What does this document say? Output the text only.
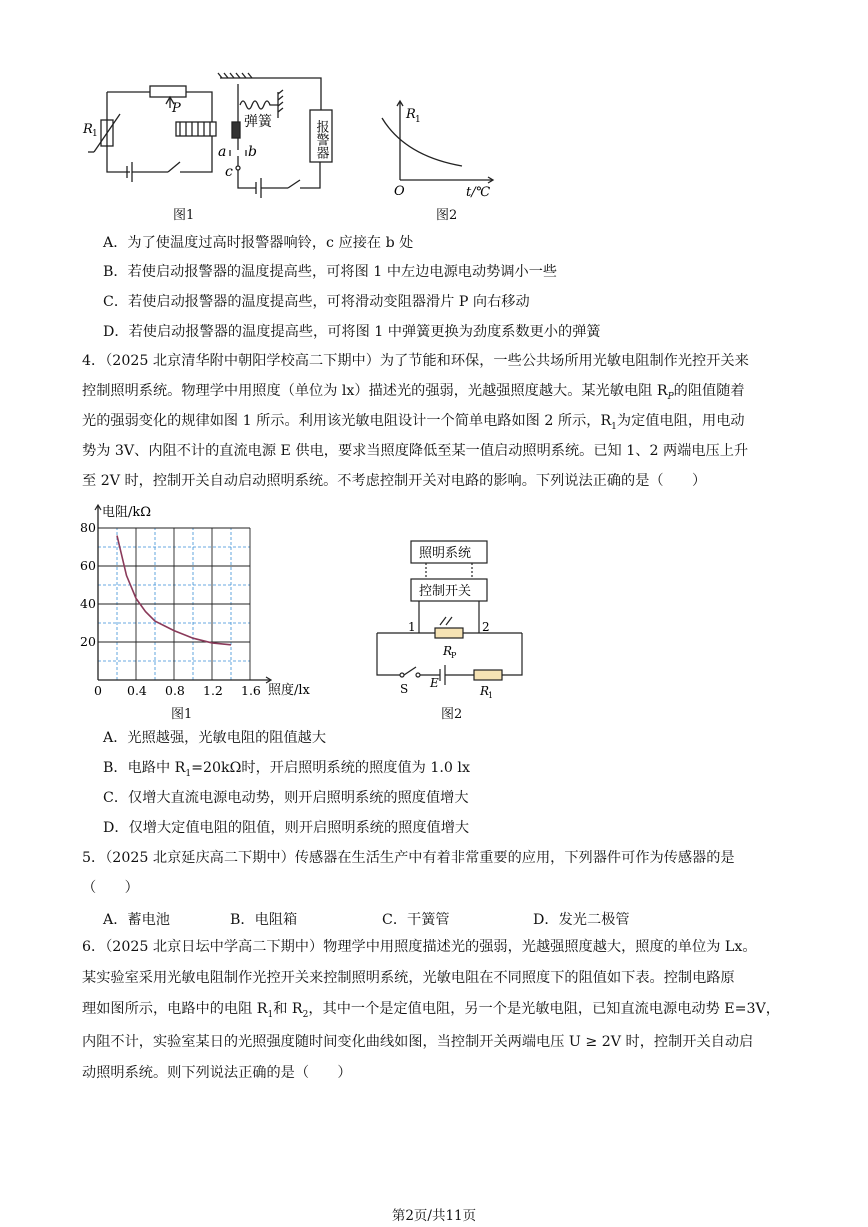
R 1
P
弹簧
a b
c
报警器
图1
R 1
O	t/℃
图2
A．为了使温度过高时报警器响铃，c 应接在 b 处
B．若使启动报警器的温度提高些，可将图 1 中左边电源电动势调小一些
C．若使启动报警器的温度提高些，可将滑动变阻器滑片 P 向右移动
D．若使启动报警器的温度提高些，可将图 1 中弹簧更换为劲度系数更小的弹簧
4．（2025 北京清华附中朝阳学校高二下期中）为了节能和环保，一些公共场所用光敏电阻制作光控开关来
控制照明系统。物理学中用照度（单位为 lx）描述光的强弱，光越强照度越大。某光敏电阻 $R_P$的阻值随着
光的强弱变化的规律如图 1 所示。利用该光敏电阻设计一个简单电路如图 2 所示，$R_1$为定值电阻，用电动
势为 3V、内阻不计的直流电源 E 供电，要求当照度降低至某一值启动照明系统。已知 1、2 两端电压上升
至 2V 时，控制开关自动启动照明系统。不考虑控制开关对电路的影响。下列说法正确的是（　　）
0 0.4 0.8 1.2 1.6
20
40
60
80
电阻/kΩ
照度/lx
图1
照明系统
控制开关
1	2
R
P
S E
R
1
图2
A．光照越强，光敏电阻的阻值越大
B．电路中 $R_1=20k\Omega$时，开启照明系统的照度值为 1.0 lx
C．仅增大直流电源电动势，则开启照明系统的照度值增大
D．仅增大定值电阻的阻值，则开启照明系统的照度值增大
5．（2025 北京延庆高二下期中）传感器在生活生产中有着非常重要的应用，下列器件可作为传感器的是
（　　）
A．蓄电池	B．电阻箱	C．干簧管	D．发光二极管
6．（2025 北京日坛中学高二下期中）物理学中用照度描述光的强弱，光越强照度越大，照度的单位为 Lx。
某实验室采用光敏电阻制作光控开关来控制照明系统，光敏电阻在不同照度下的阻值如下表。控制电路原
理如图所示，电路中的电阻 $R_1$和 $R_2$，其中一个是定值电阻，另一个是光敏电阻，已知直流电源电动势 E=3V，
内阻不计，实验室某日的光照强度随时间变化曲线如图，当控制开关两端电压 U ≥ 2V 时，控制开关自动启
动照明系统。则下列说法正确的是（　　）
第2页/共11页
